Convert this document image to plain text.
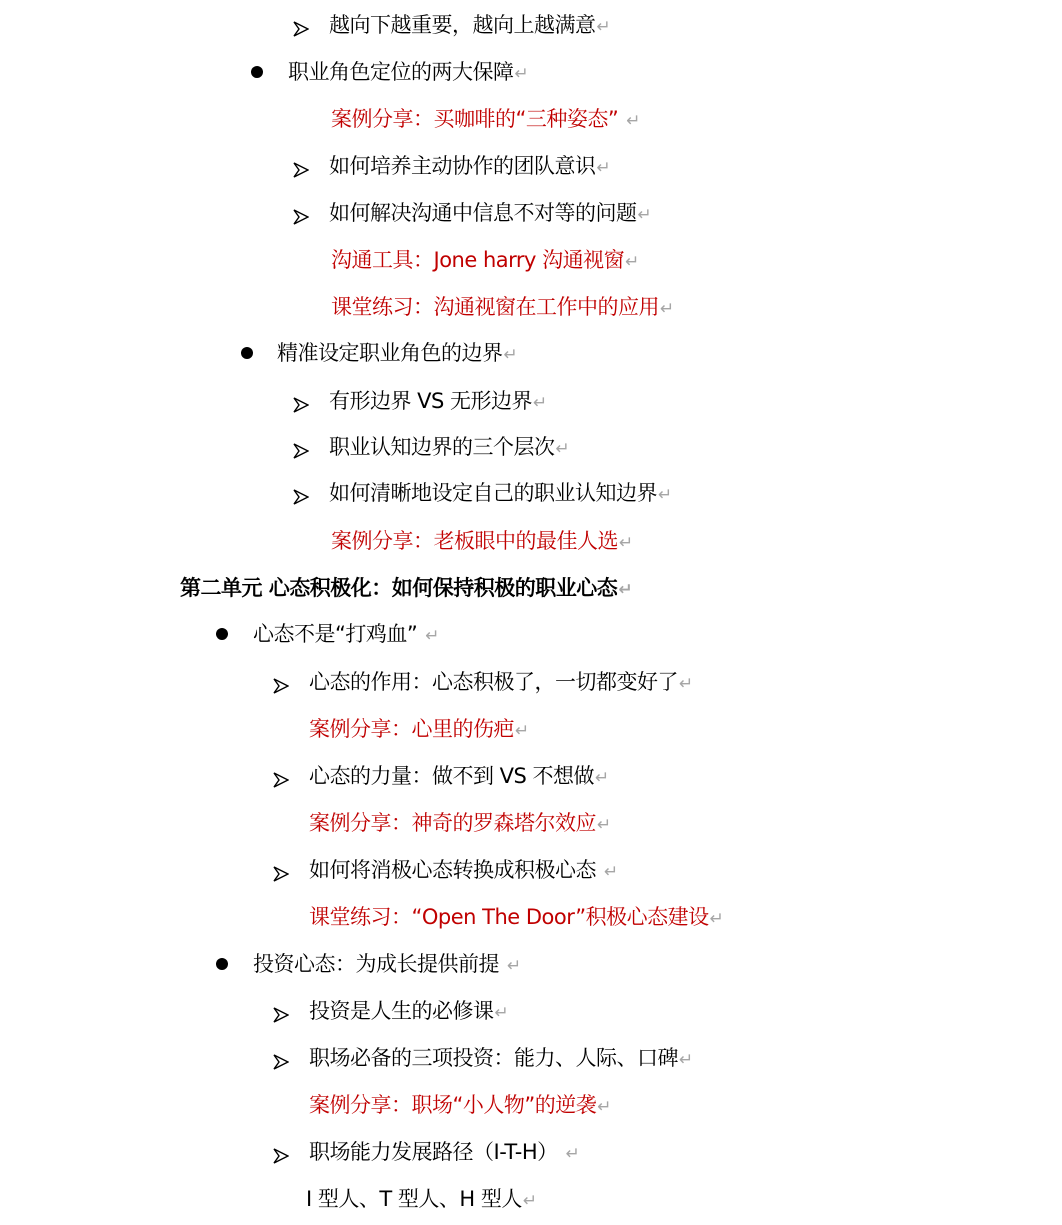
越向下越重要，越向上越满意↵
职业角色定位的两大保障↵
案例分享：买咖啡的“三种姿态” ↵
如何培养主动协作的团队意识↵
如何解决沟通中信息不对等的问题↵
沟通工具：Jone harry 沟通视窗↵
课堂练习：沟通视窗在工作中的应用↵
精准设定职业角色的边界↵
有形边界 VS 无形边界↵
职业认知边界的三个层次↵
如何清晰地设定自己的职业认知边界↵
案例分享：老板眼中的最佳人选↵
第二单元 心态积极化：如何保持积极的职业心态↵
心态不是“打鸡血” ↵
心态的作用：心态积极了，一切都变好了↵
案例分享：心里的伤疤↵
心态的力量：做不到 VS 不想做↵
案例分享：神奇的罗森塔尔效应↵
如何将消极心态转换成积极心态 ↵
课堂练习：“Open The Door”积极心态建设↵
投资心态：为成长提供前提 ↵
投资是人生的必修课↵
职场必备的三项投资：能力、人际、口碑↵
案例分享：职场“小人物”的逆袭↵
职场能力发展路径（I-T-H） ↵
I 型人、T 型人、H 型人↵
